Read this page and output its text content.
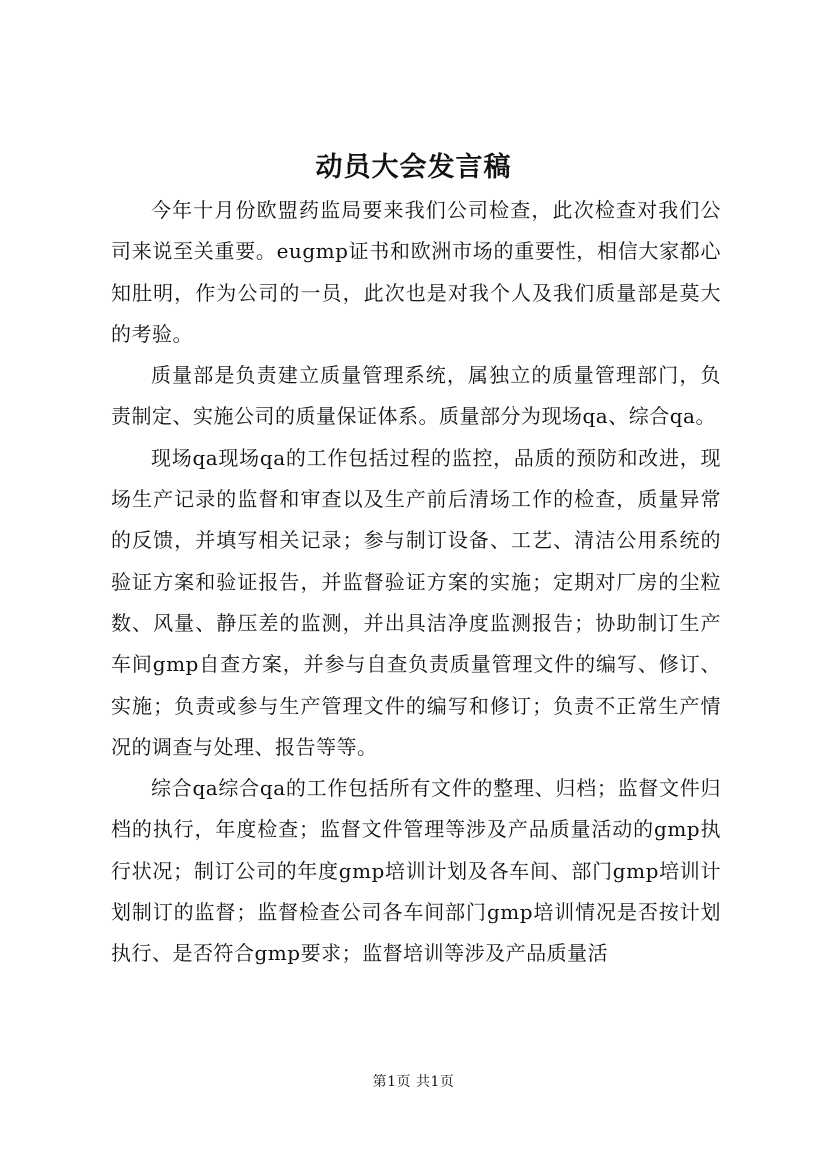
动员大会发言稿

今年十月份欧盟药监局要来我们公司检查，此次检查对我们公司来说至关重要。eugmp证书和欧洲市场的重要性，相信大家都心知肚明，作为公司的一员，此次也是对我个人及我们质量部是莫大的考验。

质量部是负责建立质量管理系统，属独立的质量管理部门，负责制定、实施公司的质量保证体系。质量部分为现场qa、综合qa。

现场qa现场qa的工作包括过程的监控，品质的预防和改进，现场生产记录的监督和审查以及生产前后清场工作的检查，质量异常的反馈，并填写相关记录；参与制订设备、工艺、清洁公用系统的验证方案和验证报告，并监督验证方案的实施；定期对厂房的尘粒数、风量、静压差的监测，并出具洁净度监测报告；协助制订生产车间gmp自查方案，并参与自查负责质量管理文件的编写、修订、实施；负责或参与生产管理文件的编写和修订；负责不正常生产情况的调查与处理、报告等等。

综合qa综合qa的工作包括所有文件的整理、归档；监督文件归档的执行，年度检查；监督文件管理等涉及产品质量活动的gmp执行状况；制订公司的年度gmp培训计划及各车间、部门gmp培训计划制订的监督；监督检查公司各车间部门gmp培训情况是否按计划执行、是否符合gmp要求；监督培训等涉及产品质量活

第1页 共1页
